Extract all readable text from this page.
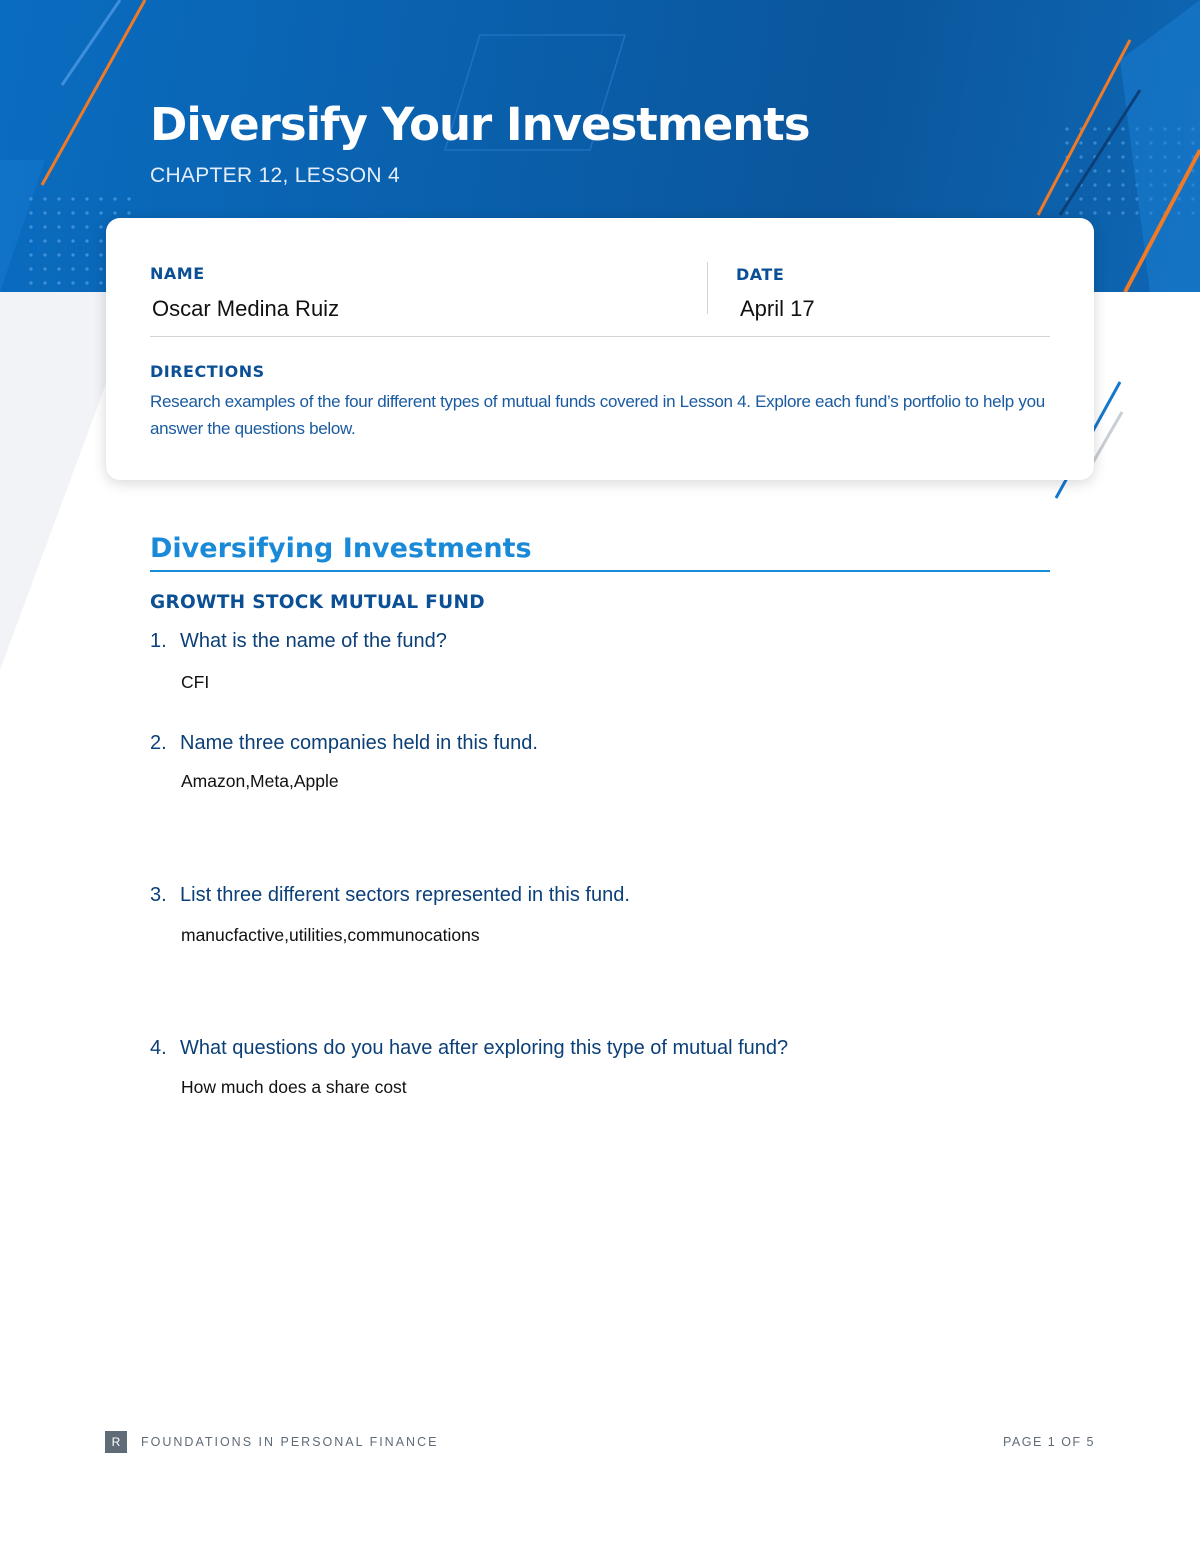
Diversify Your Investments
CHAPTER 12, LESSON 4
NAME
Oscar Medina Ruiz
DATE
April 17
DIRECTIONS
Research examples of the four different types of mutual funds covered in Lesson 4. Explore each fund’s portfolio to help you answer the questions below.
Diversifying Investments
GROWTH STOCK MUTUAL FUND
1. What is the name of the fund?
CFI
2. Name three companies held in this fund.
Amazon,Meta,Apple
3. List three different sectors represented in this fund.
manucfactive,utilities,communocations
4. What questions do you have after exploring this type of mutual fund?
How much does a share cost
R	FOUNDATIONS IN PERSONAL FINANCE	PAGE 1 OF 5
